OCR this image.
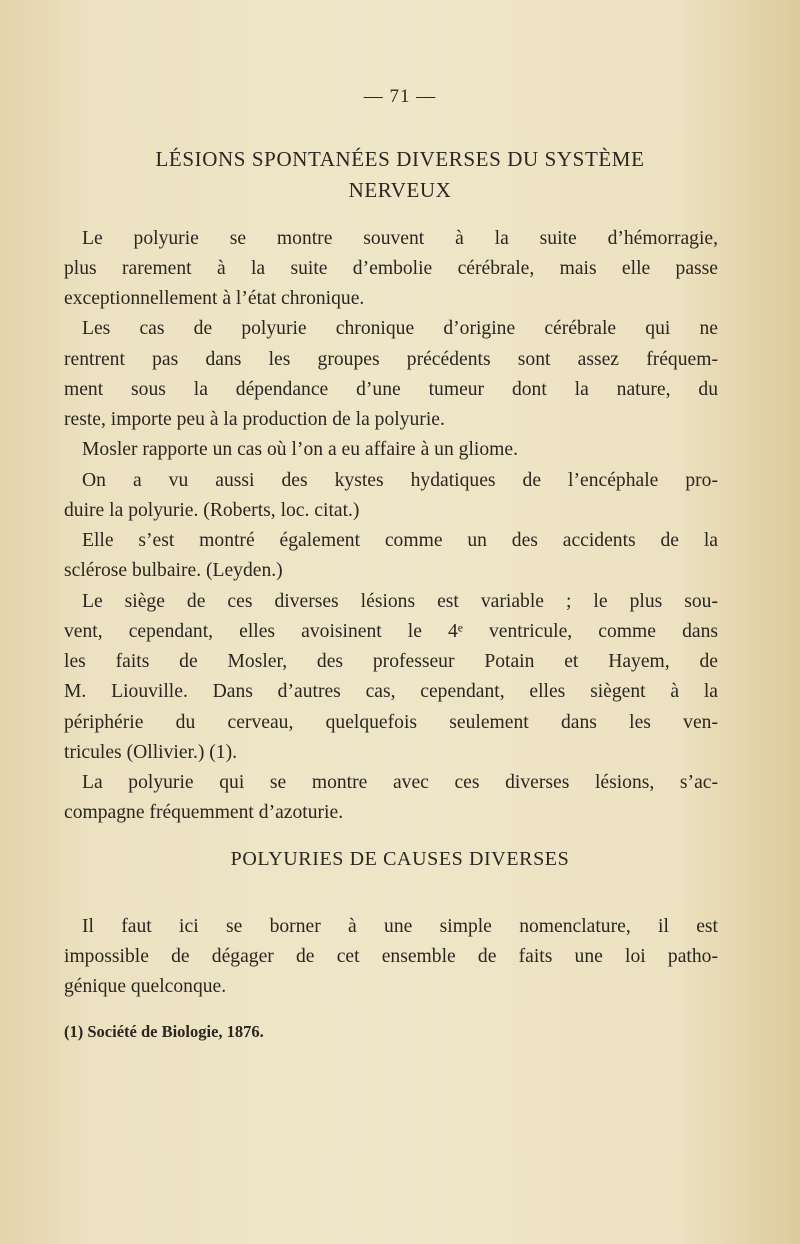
— 71 —
LÉSIONS SPONTANÉES DIVERSES DU SYSTÈME
NERVEUX
Le polyurie se montre souvent à la suite d’hémorragie,
plus rarement à la suite d’embolie cérébrale, mais elle passe
exceptionnellement à l’état chronique.
Les cas de polyurie chronique d’origine cérébrale qui ne
rentrent pas dans les groupes précédents sont assez fréquem-
ment sous la dépendance d’une tumeur dont la nature, du
reste, importe peu à la production de la polyurie.
Mosler rapporte un cas où l’on a eu affaire à un gliome.
On a vu aussi des kystes hydatiques de l’encéphale pro-
duire la polyurie. (Roberts, loc. citat.)
Elle s’est montré également comme un des accidents de la
sclérose bulbaire. (Leyden.)
Le siège de ces diverses lésions est variable ; le plus sou-
vent, cependant, elles avoisinent le 4ᵉ ventricule, comme dans
les faits de Mosler, des professeur Potain et Hayem, de
M. Liouville. Dans d’autres cas, cependant, elles siègent à la
périphérie du cerveau, quelquefois seulement dans les ven-
tricules (Ollivier.) (1).
La polyurie qui se montre avec ces diverses lésions, s’ac-
compagne fréquemment d’azoturie.
POLYURIES DE CAUSES DIVERSES
Il faut ici se borner à une simple nomenclature, il est
impossible de dégager de cet ensemble de faits une loi patho-
génique quelconque.
(1) Société de Biologie, 1876.
